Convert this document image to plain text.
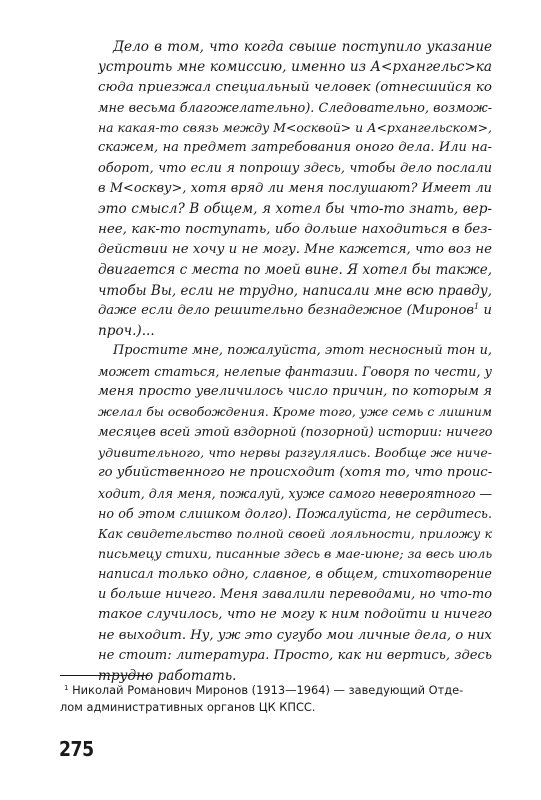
Дело в том, что когда свыше поступило указание
устроить мне комиссию, именно из А<рхангельс>ка
сюда приезжал специальный человек (отнесшийся ко
мне весьма благожелательно). Следовательно, возмож-
на какая-то связь между М<осквой> и А<рхангельском>,
скажем, на предмет затребования оного дела. Или на-
оборот, что если я попрошу здесь, чтобы дело послали
в М<оскву>, хотя вряд ли меня послушают? Имеет ли
это смысл? В общем, я хотел бы что-то знать, вер-
нее, как-то поступать, ибо дольше находиться в без-
действии не хочу и не могу. Мне кажется, что воз не
двигается с места по моей вине. Я хотел бы также,
чтобы Вы, если не трудно, написали мне всю правду,
даже если дело решительно безнадежное (Миронов$^1$ и
проч.)...
Простите мне, пожалуйста, этот несносный тон и,
может статься, нелепые фантазии. Говоря по чести, у
меня просто увеличилось число причин, по которым я
желал бы освобождения. Кроме того, уже семь с лишним
месяцев всей этой вздорной (позорной) истории: ничего
удивительного, что нервы разгулялись. Вообще же ниче-
го убийственного не происходит (хотя то, что проис-
ходит, для меня, пожалуй, хуже самого невероятного —
но об этом слишком долго). Пожалуйста, не сердитесь.
Как свидетельство полной своей лояльности, приложу к
письмецу стихи, писанные здесь в мае-июне; за весь июль
написал только одно, славное, в общем, стихотворение
и больше ничего. Меня завалили переводами, но что-то
такое случилось, что не могу к ним подойти и ничего
не выходит. Ну, уж это сугубо мои личные дела, о них
не стоит: литература. Просто, как ни вертись, здесь
трудно работать.
$^1$ Николай Романович Миронов (1913—1964) — заведующий Отде-
лом административных органов ЦК КПСС.
275
